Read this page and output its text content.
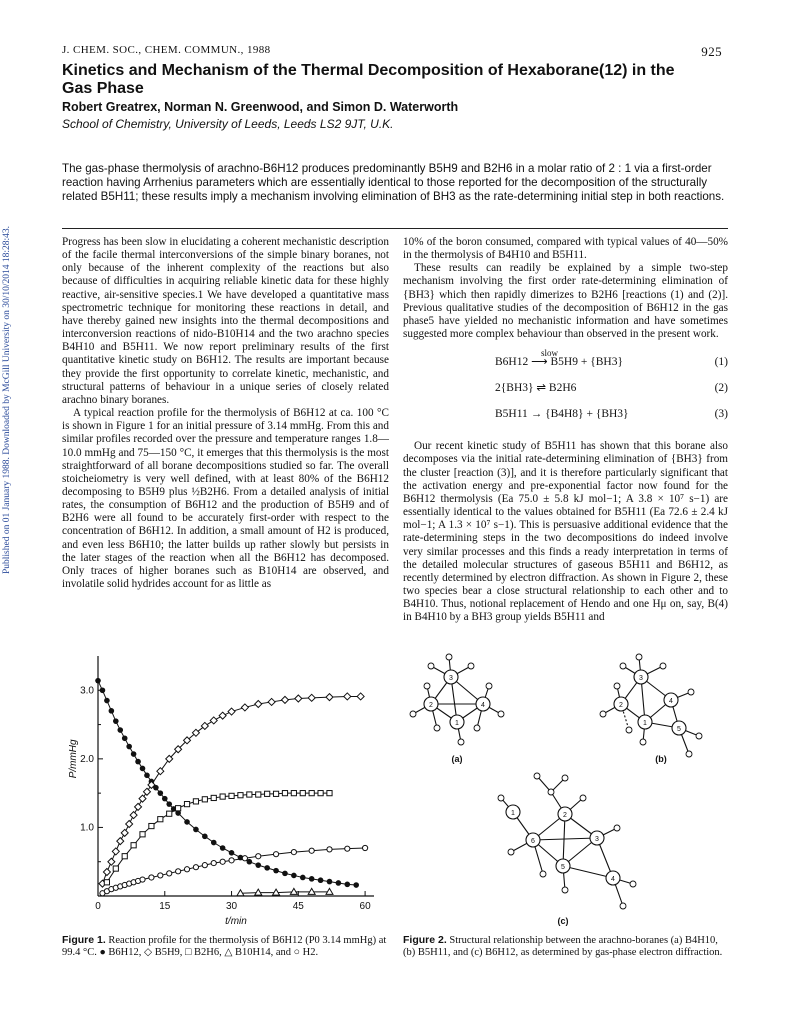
Published on 01 January 1988. Downloaded by McGill University on 30/10/2014 18:28:43.
J. CHEM. SOC., CHEM. COMMUN., 1988	925
Kinetics and Mechanism of the Thermal Decomposition of Hexaborane(12) in the Gas Phase
Robert Greatrex, Norman N. Greenwood, and Simon D. Waterworth
School of Chemistry, University of Leeds, Leeds LS2 9JT, U.K.
The gas-phase thermolysis of arachno-B6H12 produces predominantly B5H9 and B2H6 in a molar ratio of 2 : 1 via a first-order reaction having Arrhenius parameters which are essentially identical to those reported for the decomposition of the structurally related B5H11; these results imply a mechanism involving elimination of BH3 as the rate-determining initial step in both reactions.

Progress has been slow in elucidating a coherent mechanistic description of the facile thermal interconversions of the simple binary boranes, not only because of the inherent complexity of the reactions but also because of difficulties in acquiring reliable kinetic data for these highly reactive, air-sensitive species.1 We have developed a quantitative mass spectrometric technique for monitoring these reactions in detail, and have thereby gained new insights into the thermal decompositions and interconversion reactions of nido-B10H14 and the two arachno species B4H10 and B5H11. We now report preliminary results of the first quantitative kinetic study on B6H12. The results are important because they provide the first opportunity to correlate kinetic, mechanistic, and structural patterns of behaviour in a unique series of closely related arachno binary boranes.

A typical reaction profile for the thermolysis of B6H12 at ca. 100 °C is shown in Figure 1 for an initial pressure of 3.14 mmHg. From this and similar profiles recorded over the pressure and temperature ranges 1.8—10.0 mmHg and 75—150 °C, it emerges that this thermolysis is the most straightforward of all borane decompositions studied so far. The overall stoicheiometry is very well defined, with at least 80% of the B6H12 decomposing to B5H9 plus ½B2H6. From a detailed analysis of initial rates, the consumption of B6H12 and the production of B5H9 and of B2H6 were all found to be accurately first-order with respect to the concentration of B6H12. In addition, a small amount of H2 is produced, and even less B6H10; the latter builds up rather slowly but persists in the later stages of the reaction when all the B6H12 has decomposed. Only traces of higher boranes such as B10H14 are observed, and involatile solid hydrides account for as little as

10% of the boron consumed, compared with typical values of 40—50% in the thermolysis of B4H10 and B5H11.

These results can readily be explained by a simple two-step mechanism involving the first order rate-determining elimination of {BH3} which then rapidly dimerizes to B2H6 [reactions (1) and (2)]. Previous qualitative studies of the decomposition of B6H12 in the gas phase5 have yielded no mechanistic information and have sometimes suggested more complex behaviour than observed in the present work.

slow
B6H12 ⟶ B5H9 + {BH3}	(1)
2{BH3} ⇌ B2H6	(2)
B5H11 → {B4H8} + {BH3}	(3)

Our recent kinetic study of B5H11 has shown that this borane also decomposes via the initial rate-determining elimination of {BH3} from the cluster [reaction (3)], and it is therefore particularly significant that the activation energy and pre-exponential factor now found for the B6H12 thermolysis (Ea 75.0 ± 5.8 kJ mol−1; A 3.8 × 10⁷ s−1) are essentially identical to the values obtained for B5H11 (Ea 72.6 ± 2.4 kJ mol−1; A 1.3 × 10⁷ s−1). This is persuasive additional evidence that the rate-determining steps in the two decompositions do indeed involve very similar processes and this finds a ready interpretation in terms of the detailed molecular structures of gaseous B5H11 and B6H12, as recently determined by electron diffraction. As shown in Figure 2, these two species bear a close structural relationship to each other and to B4H10. Thus, notional replacement of Hendo and one Hμ on, say, B(4) in B4H10 by a BH3 group yields B5H11 and

0	15	30	45	60
1.0
2.0
3.0
t/min
P/mmHg
3
2	4
1
3
2
4
1
5
2
6	3
5
4
1
(a)	(b)
(c)
Figure 1. Reaction profile for the thermolysis of B6H12 (P0 3.14 mmHg) at 99.4 °C. ● B6H12, ◇ B5H9, □ B2H6, △ B10H14, and ○ H2.
Figure 2. Structural relationship between the arachno-boranes (a) B4H10, (b) B5H11, and (c) B6H12, as determined by gas-phase electron diffraction.
